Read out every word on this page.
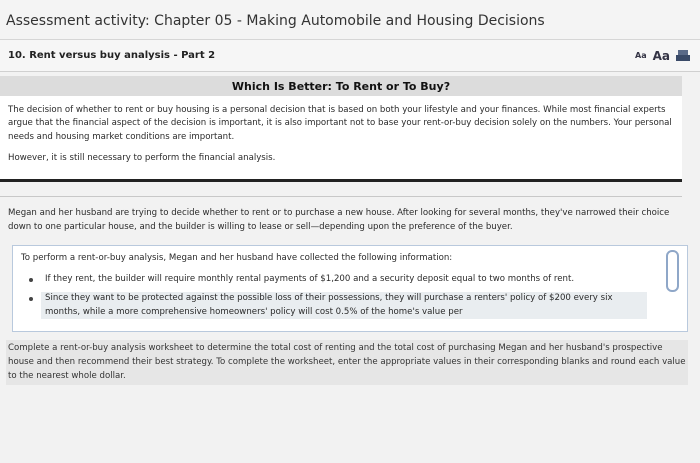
Assessment activity: Chapter 05 - Making Automobile and Housing Decisions
10. Rent versus buy analysis - Part 2	Aa Aa
Which Is Better: To Rent or To Buy?

The decision of whether to rent or buy housing is a personal decision that is based on both your lifestyle and your finances. While most financial experts argue that the financial aspect of the decision is important, it is also important not to base your rent-or-buy decision solely on the numbers. Your personal needs and housing market conditions are important.

However, it is still necessary to perform the financial analysis.

Megan and her husband are trying to decide whether to rent or to purchase a new house. After looking for several months, they've narrowed their choice down to one particular house, and the builder is willing to lease or sell—depending upon the preference of the buyer.

To perform a rent-or-buy analysis, Megan and her husband have collected the following information:

If they rent, the builder will require monthly rental payments of $1,200 and a security deposit equal to two months of rent.
Since they want to be protected against the possible loss of their possessions, they will purchase a renters' policy of $200 every six months, while a more comprehensive homeowners' policy will cost 0.5% of the home's value per
Complete a rent-or-buy analysis worksheet to determine the total cost of renting and the total cost of purchasing Megan and her husband's prospective house and then recommend their best strategy. To complete the worksheet, enter the appropriate values in their corresponding blanks and round each value to the nearest whole dollar.
